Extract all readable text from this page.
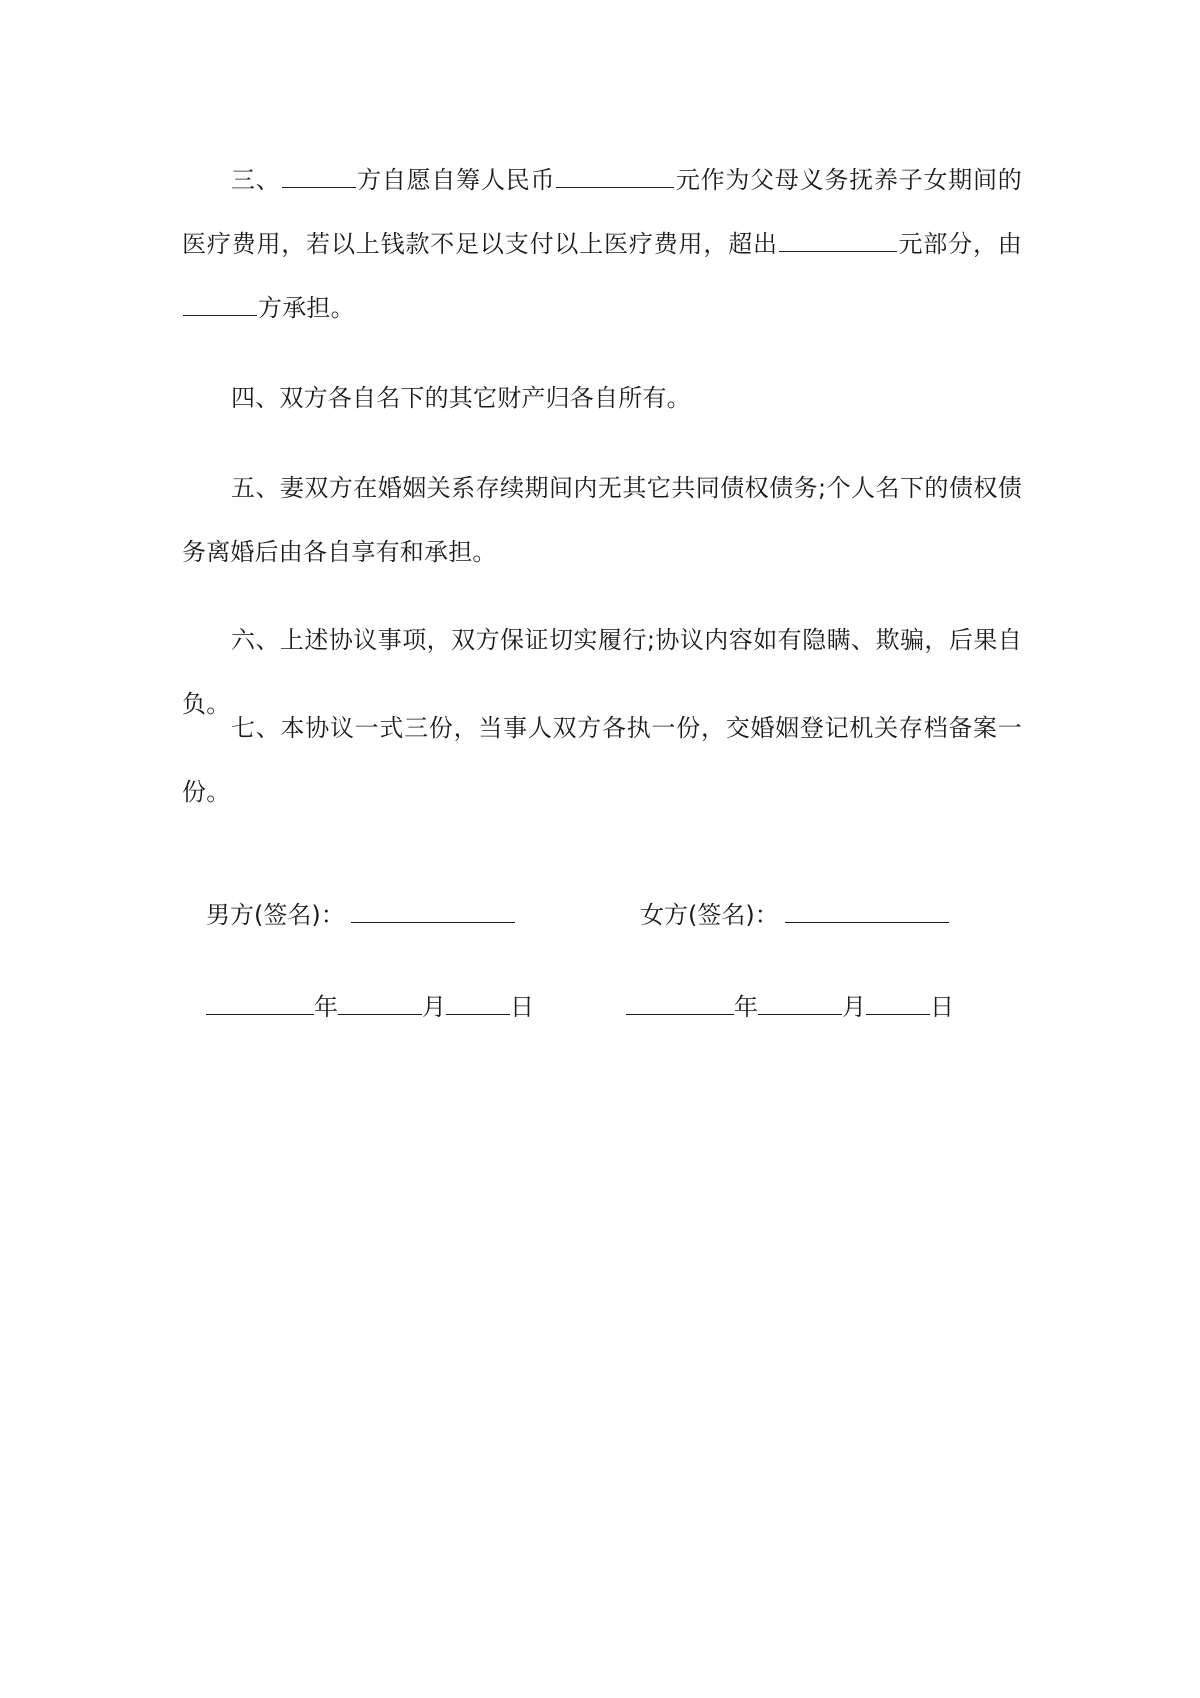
三、	方自愿自筹人民币	元作为父母义务抚养子女期间的医疗费用，若以上钱款不足以支付以上医疗费用，超出	元部分，由方承担。

四、双方各自名下的其它财产归各自所有。

五、妻双方在婚姻关系存续期间内无其它共同债权债务;个人名下的债权债务离婚后由各自享有和承担。

六、上述协议事项，双方保证切实履行;协议内容如有隐瞒、欺骗，后果自负。

七、本协议一式三份，当事人双方各执一份，交婚姻登记机关存档备案一份。

男方(签名)：	女方(签名)：
年	月	日	年	月	日
